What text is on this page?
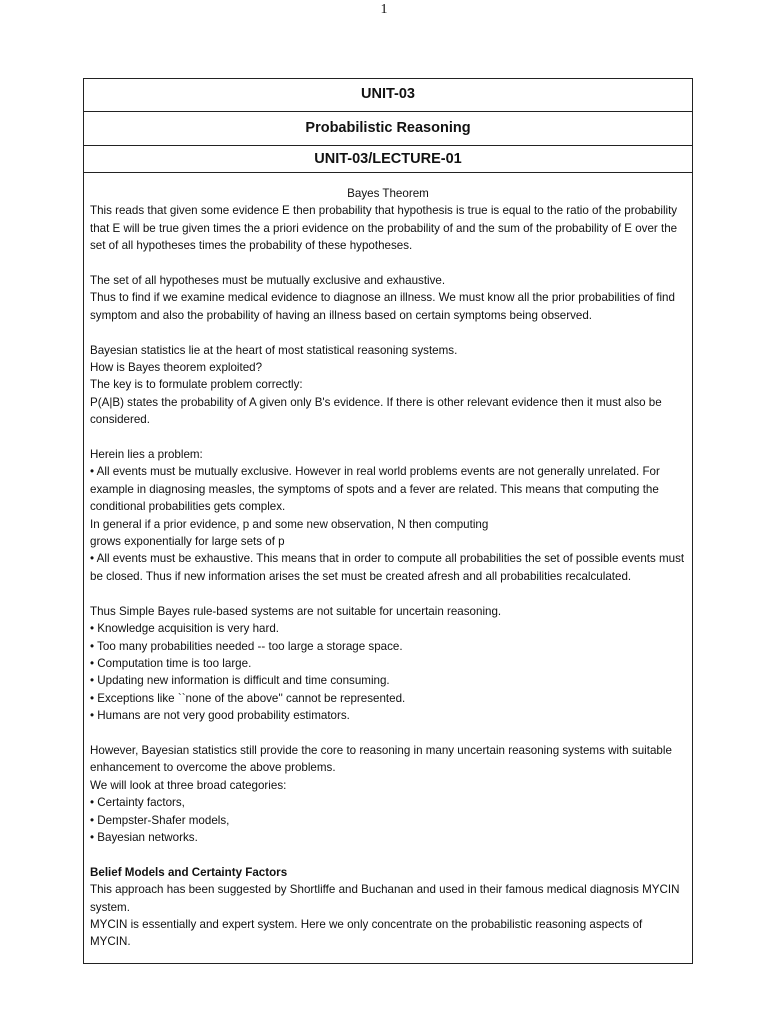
1
UNIT-03
Probabilistic Reasoning
UNIT-03/LECTURE-01

Bayes Theorem

This reads that given some evidence E then probability that hypothesis is true is equal to the ratio of the probability that E will be true given times the a priori evidence on the probability of and the sum of the probability of E over the set of all hypotheses times the probability of these hypotheses.

The set of all hypotheses must be mutually exclusive and exhaustive.

Thus to find if we examine medical evidence to diagnose an illness. We must know all the prior probabilities of find symptom and also the probability of having an illness based on certain symptoms being observed.

Bayesian statistics lie at the heart of most statistical reasoning systems.

How is Bayes theorem exploited?

The key is to formulate problem correctly:

P(A|B) states the probability of A given only B's evidence. If there is other relevant evidence then it must also be considered.

Herein lies a problem:

• All events must be mutually exclusive. However in real world problems events are not generally unrelated. For example in diagnosing measles, the symptoms of spots and a fever are related. This means that computing the conditional probabilities gets complex.

In general if a prior evidence, p and some new observation, N then computing

grows exponentially for large sets of p

• All events must be exhaustive. This means that in order to compute all probabilities the set of possible events must be closed. Thus if new information arises the set must be created afresh and all probabilities recalculated.

Thus Simple Bayes rule-based systems are not suitable for uncertain reasoning.

• Knowledge acquisition is very hard.

• Too many probabilities needed -- too large a storage space.

• Computation time is too large.

• Updating new information is difficult and time consuming.

• Exceptions like ``none of the above'' cannot be represented.

• Humans are not very good probability estimators.

However, Bayesian statistics still provide the core to reasoning in many uncertain reasoning systems with suitable enhancement to overcome the above problems.

We will look at three broad categories:

• Certainty factors,

• Dempster-Shafer models,

• Bayesian networks.

Belief Models and Certainty Factors

This approach has been suggested by Shortliffe and Buchanan and used in their famous medical diagnosis MYCIN system.

MYCIN is essentially and expert system. Here we only concentrate on the probabilistic reasoning aspects of MYCIN.
